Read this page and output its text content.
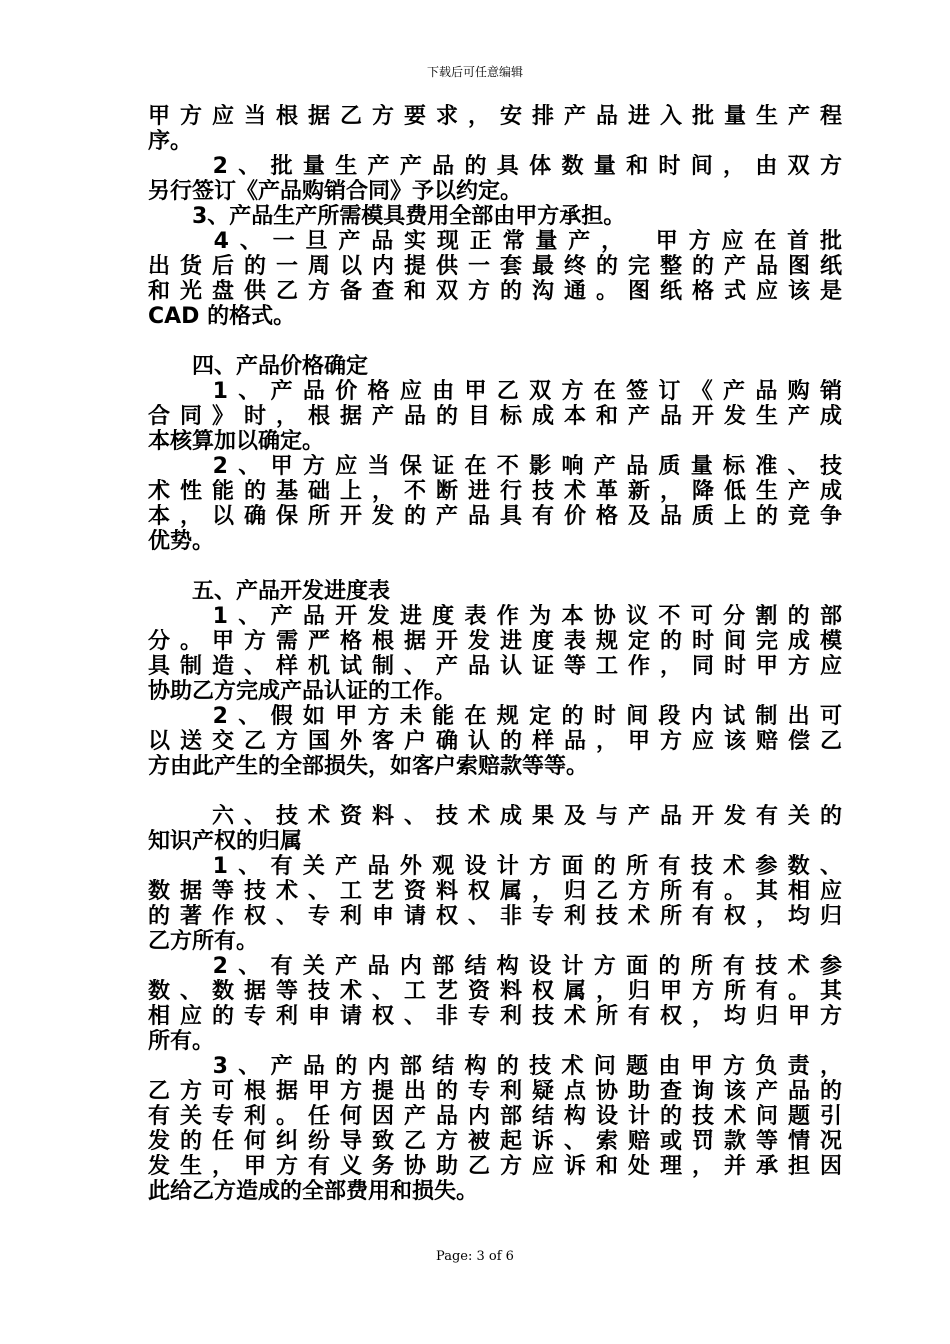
下载后可任意编辑
甲方应当根据乙方要求，安排产品进入批量生产程
序。
　　2、批量生产产品的具体数量和时间，由双方
另行签订《产品购销合同》予以约定。
　　3、产品生产所需模具费用全部由甲方承担。
　　4、一旦产品实现正常量产，　甲方应在首批
出货后的一周以内提供一套最终的完整的产品图纸
和光盘供乙方备查和双方的沟通。图纸格式应该是
CAD 的格式。
　　四、产品价格确定
　　1、产品价格应由甲乙双方在签订《产品购销
合同》时，根据产品的目标成本和产品开发生产成
本核算加以确定。
　　2、甲方应当保证在不影响产品质量标准、技
术性能的基础上，不断进行技术革新，降低生产成
本，以确保所开发的产品具有价格及品质上的竞争
优势。
　　五、产品开发进度表
　　1、产品开发进度表作为本协议不可分割的部
分。甲方需严格根据开发进度表规定的时间完成模
具制造、样机试制、产品认证等工作，同时甲方应
协助乙方完成产品认证的工作。
　　2、假如甲方未能在规定的时间段内试制出可
以送交乙方国外客户确认的样品，甲方应该赔偿乙
方由此产生的全部损失，如客户索赔款等等。
　　六、技术资料、技术成果及与产品开发有关的
知识产权的归属
　　1、有关产品外观设计方面的所有技术参数、
数据等技术、工艺资料权属，归乙方所有。其相应
的著作权、专利申请权、非专利技术所有权，均归
乙方所有。
　　2、有关产品内部结构设计方面的所有技术参
数、数据等技术、工艺资料权属，归甲方所有。其
相应的专利申请权、非专利技术所有权，均归甲方
所有。
　　3、产品的内部结构的技术问题由甲方负责，
乙方可根据甲方提出的专利疑点协助查询该产品的
有关专利。任何因产品内部结构设计的技术问题引
发的任何纠纷导致乙方被起诉、索赔或罚款等情况
发生，甲方有义务协助乙方应诉和处理，并承担因
此给乙方造成的全部费用和损失。
Page: 3 of 6
